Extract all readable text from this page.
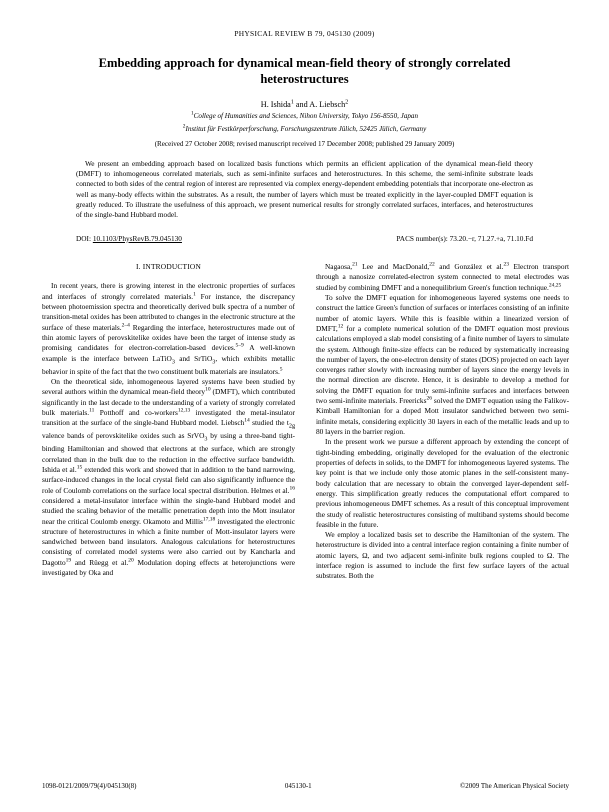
PHYSICAL REVIEW B 79, 045130 (2009)
Embedding approach for dynamical mean-field theory of strongly correlated heterostructures
H. Ishida$^1$ and A. Liebsch$^2$
$^1$College of Humanities and Sciences, Nihon University, Tokyo 156-8550, Japan
$^2$Institut für Festkörperforschung, Forschungszentrum Jülich, 52425 Jülich, Germany
(Received 27 October 2008; revised manuscript received 17 December 2008; published 29 January 2009)
We present an embedding approach based on localized basis functions which permits an efficient application of the dynamical mean-field theory (DMFT) to inhomogeneous correlated materials, such as semi-infinite surfaces and heterostructures. In this scheme, the semi-infinite substrate leads connected to both sides of the central region of interest are represented via complex energy-dependent embedding potentials that incorporate one-electron as well as many-body effects within the substrates. As a result, the number of layers which must be treated explicitly in the layer-coupled DMFT equation is greatly reduced. To illustrate the usefulness of this approach, we present numerical results for strongly correlated surfaces, interfaces, and heterostructures of the single-band Hubbard model.
DOI: 10.1103/PhysRevB.79.045130	PACS number(s): 73.20.−r, 71.27.+a, 71.10.Fd
I. INTRODUCTION

In recent years, there is growing interest in the electronic properties of surfaces and interfaces of strongly correlated materials.$^1$ For instance, the discrepancy between photoemission spectra and theoretically derived bulk spectra of a number of transition-metal oxides has been attributed to changes in the electronic structure at the surface of these materials.$^{2-4}$ Regarding the interface, heterostructures made out of thin atomic layers of perovskitelike oxides have been the target of intense study as promising candidates for electron-correlation-based devices.$^{5-9}$ A well-known example is the interface between LaTiO$_3$ and SrTiO$_3$, which exhibits metallic behavior in spite of the fact that the two constituent bulk materials are insulators.$^5$

On the theoretical side, inhomogeneous layered systems have been studied by several authors within the dynamical mean-field theory$^{10}$ (DMFT), which contributed significantly in the last decade to the understanding of a variety of strongly correlated bulk materials.$^{11}$ Potthoff and co-workers$^{12,13}$ investigated the metal-insulator transition at the surface of the single-band Hubbard model. Liebsch$^{14}$ studied the $t_{2g}$ valence bands of perovskitelike oxides such as SrVO$_3$ by using a three-band tight-binding Hamiltonian and showed that electrons at the surface, which are strongly correlated than in the bulk due to the reduction in the effective surface bandwidth. Ishida et al.$^{15}$ extended this work and showed that in addition to the band narrowing, surface-induced changes in the local crystal field can also significantly influence the role of Coulomb correlations on the surface local spectral distribution. Helmes et al.$^{16}$ considered a metal-insulator interface within the single-band Hubbard model and studied the scaling behavior of the metallic penetration depth into the Mott insulator near the critical Coulomb energy. Okamoto and Millis$^{17,18}$ investigated the electronic structure of heterostructures in which a finite number of Mott-insulator layers were sandwiched between band insulators. Analogous calculations for heterostructures consisting of correlated model systems were also carried out by Kancharla and Dagotto$^{19}$ and Rüegg et al.$^{20}$ Modulation doping effects at heterojunctions were investigated by Oka and

Nagaosa,$^{21}$ Lee and MacDonald,$^{22}$ and González et al.$^{23}$ Electron transport through a nanosize correlated-electron system connected to metal electrodes was studied by combining DMFT and a nonequilibrium Green's function technique.$^{24,25}$

To solve the DMFT equation for inhomogeneous layered systems one needs to construct the lattice Green's function of surfaces or interfaces consisting of an infinite number of atomic layers. While this is feasible within a linearized version of DMFT,$^{12}$ for a complete numerical solution of the DMFT equation most previous calculations employed a slab model consisting of a finite number of layers to simulate the system. Although finite-size effects can be reduced by systematically increasing the number of layers, the one-electron density of states (DOS) projected on each layer converges rather slowly with increasing number of layers since the energy levels in the normal direction are discrete. Hence, it is desirable to develop a method for solving the DMFT equation for truly semi-infinite surfaces and interfaces between two semi-infinite materials. Freericks$^{26}$ solved the DMFT equation using the Falikov-Kimball Hamiltonian for a doped Mott insulator sandwiched between two semi-infinite metals, considering explicitly 30 layers in each of the metallic leads and up to 80 layers in the barrier region.

In the present work we pursue a different approach by extending the concept of tight-binding embedding, originally developed for the evaluation of the electronic properties of defects in solids, to the DMFT for inhomogeneous layered systems. The key point is that we include only those atomic planes in the self-consistent many-body calculation that are necessary to obtain the converged layer-dependent self-energy. This simplification greatly reduces the computational effort compared to previous inhomogeneous DMFT schemes. As a result of this conceptual improvement the study of realistic heterostructures consisting of multiband systems should become feasible in the future.

We employ a localized basis set to describe the Hamiltonian of the system. The heterostructure is divided into a central interface region containing a finite number of atomic layers, Ω, and two adjacent semi-infinite bulk regions coupled to Ω. The interface region is assumed to include the first few surface layers of the actual substrates. Both the

1098-0121/2009/79(4)/045130(8)	045130-1	©2009 The American Physical Society
